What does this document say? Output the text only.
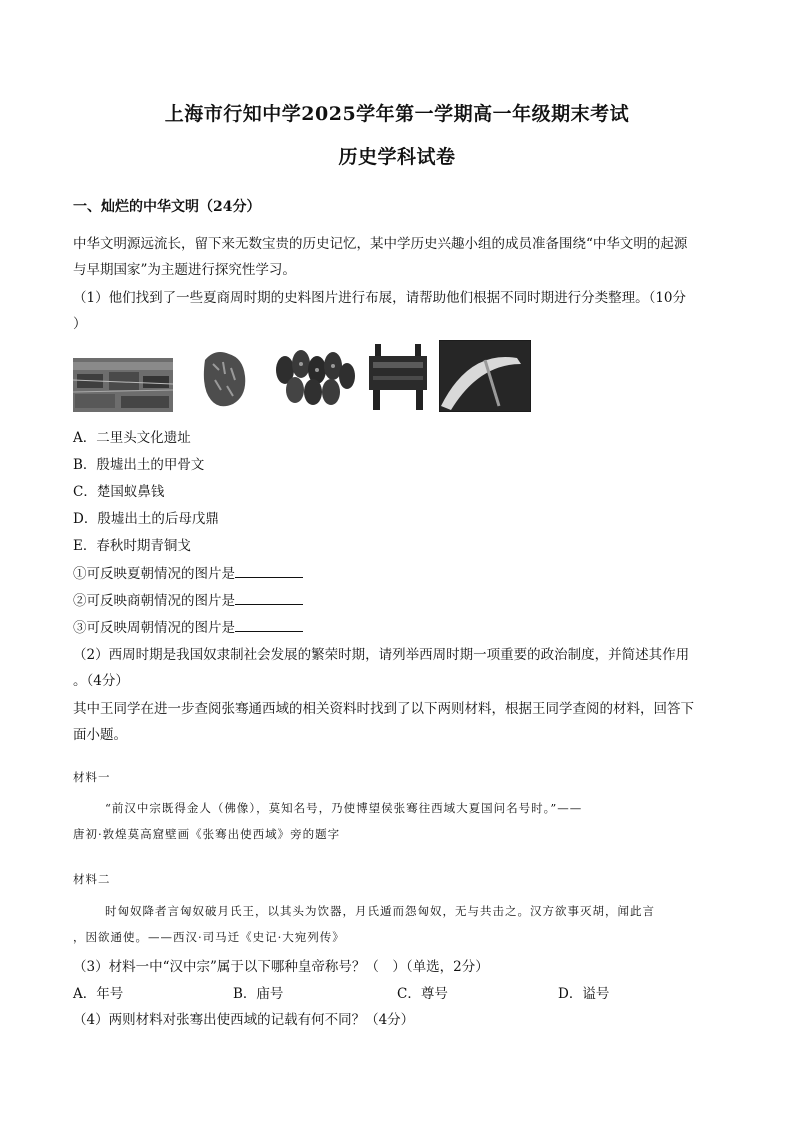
上海市行知中学2025学年第一学期高一年级期末考试
历史学科试卷
一、灿烂的中华文明（24分）
中华文明源远流长，留下来无数宝贵的历史记忆，某中学历史兴趣小组的成员准备围绕“中华文明的起源
与早期国家”为主题进行探究性学习。
（1）他们找到了一些夏商周时期的史料图片进行布展，请帮助他们根据不同时期进行分类整理。（10分
）
A．二里头文化遗址
B．殷墟出土的甲骨文
C．楚国蚁鼻钱
D．殷墟出土的后母戊鼎
E．春秋时期青铜戈
①可反映夏朝情况的图片是
②可反映商朝情况的图片是
③可反映周朝情况的图片是
（2）西周时期是我国奴隶制社会发展的繁荣时期，请列举西周时期一项重要的政治制度，并简述其作用
。（4分）
其中王同学在进一步查阅张骞通西域的相关资料时找到了以下两则材料，根据王同学查阅的材料，回答下
面小题。
材料一
“前汉中宗既得金人（佛像），莫知名号，乃使博望侯张骞往西域大夏国问名号时。”——
唐初·敦煌莫高窟壁画《张骞出使西域》旁的题字
材料二
时匈奴降者言匈奴破月氏王，以其头为饮器，月氏遁而怨匈奴，无与共击之。汉方欲事灭胡，闻此言
，因欲通使。——西汉·司马迁《史记·大宛列传》
（3）材料一中“汉中宗”属于以下哪种皇帝称号？（　）（单选，2分）
A．年号	B．庙号	C．尊号	D．谥号
（4）两则材料对张骞出使西域的记载有何不同？（4分）
